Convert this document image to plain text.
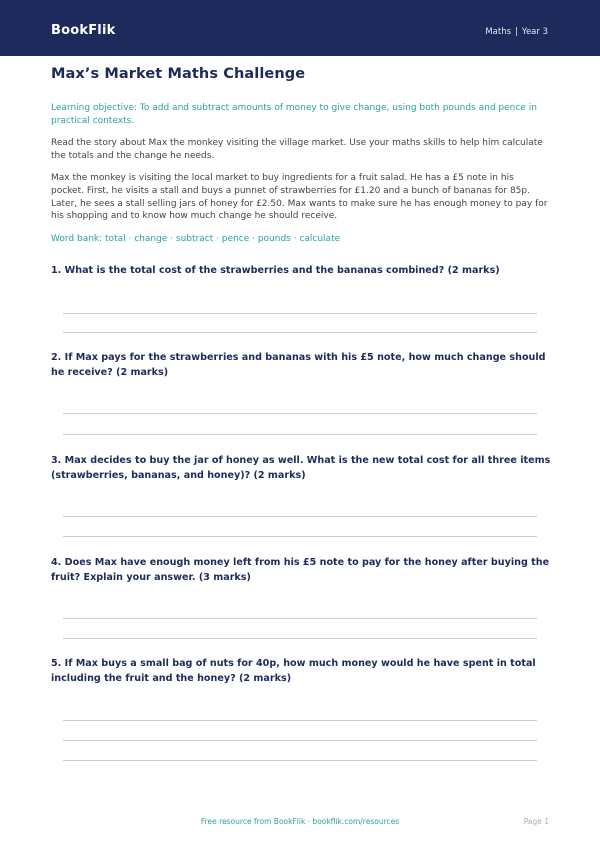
BookFlik	Maths | Year 3
Max’s Market Maths Challenge
Learning objective: To add and subtract amounts of money to give change, using both pounds and pence in practical contexts.
Read the story about Max the monkey visiting the village market. Use your maths skills to help him calculate the totals and the change he needs.
Max the monkey is visiting the local market to buy ingredients for a fruit salad. He has a £5 note in his pocket. First, he visits a stall and buys a punnet of strawberries for £1.20 and a bunch of bananas for 85p. Later, he sees a stall selling jars of honey for £2.50. Max wants to make sure he has enough money to pay for his shopping and to know how much change he should receive.
Word bank: total · change · subtract · pence · pounds · calculate
1. What is the total cost of the strawberries and the bananas combined? (2 marks)
2. If Max pays for the strawberries and bananas with his £5 note, how much change should he receive? (2 marks)
3. Max decides to buy the jar of honey as well. What is the new total cost for all three items (strawberries, bananas, and honey)? (2 marks)
4. Does Max have enough money left from his £5 note to pay for the honey after buying the fruit? Explain your answer. (3 marks)
5. If Max buys a small bag of nuts for 40p, how much money would he have spent in total including the fruit and the honey? (2 marks)
Free resource from BookFlik · bookflik.com/resources	Page 1
